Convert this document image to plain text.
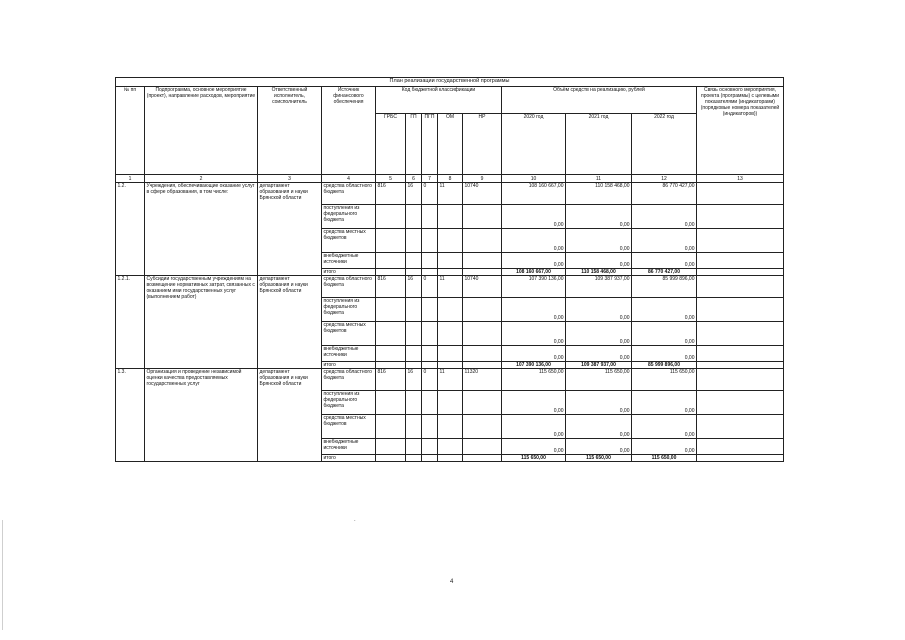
План реализации государственной программы												
№ пп	Подпрограмма, основное мероприятие (проект), направление расходов, мероприятие	Ответственный исполнитель, соисполнитель	Источник финансового обеспечения	Код бюджетной классификации					Объём средств на реализацию, рублей			Связь основного мероприятия, проекта (программы) с целевыми показателями (индикаторами) (порядковые номера показателей (индикаторов))
				ГРБС	ГП	ПГП	ОМ	НР	2020 год	2021 год	2022 год	
1	2	3	4	5	6	7	8	9	10	11	12	13
1.2.	Учреждения, обеспечивающие оказание услуг в сфере образования, в том числе:	департамент образования и науки Брянской области	средства областного бюджета	816	16	0	11	10740	108 160 667,00	110 158 468,00	86 770 427,00	
			поступления из федерального бюджета						0,00	0,00	0,00	
			средства местных бюджетов						0,00	0,00	0,00	
			внебюджетные источники						0,00	0,00	0,00	
			итого						108 160 667,00	110 158 468,00	86 770 427,00	
1.2.1.	Субсидии государственным учреждениям на возмещение нормативных затрат, связанных с оказанием ими государственных услуг (выполнением работ)	департамент образования и науки Брянской области	средства областного бюджета	816	16	0	11	10740	107 390 136,00	109 387 937,00	85 999 896,00	
			поступления из федерального бюджета						0,00	0,00	0,00	
			средства местных бюджетов						0,00	0,00	0,00	
			внебюджетные источники						0,00	0,00	0,00	
			итого						107 390 136,00	109 387 937,00	85 999 896,00	
1.3.	Организация и проведение независимой оценки качества предоставляемых государственных услуг	департамент образования и науки Брянской области	средства областного бюджета	816	16	0	11	11320	115 650,00	115 650,00	115 650,00	
			поступления из федерального бюджета						0,00	0,00	0,00	
			средства местных бюджетов						0,00	0,00	0,00	
			внебюджетные источники						0,00	0,00	0,00	
			итого						115 650,00	115 650,00	115 650,00	
.
4
